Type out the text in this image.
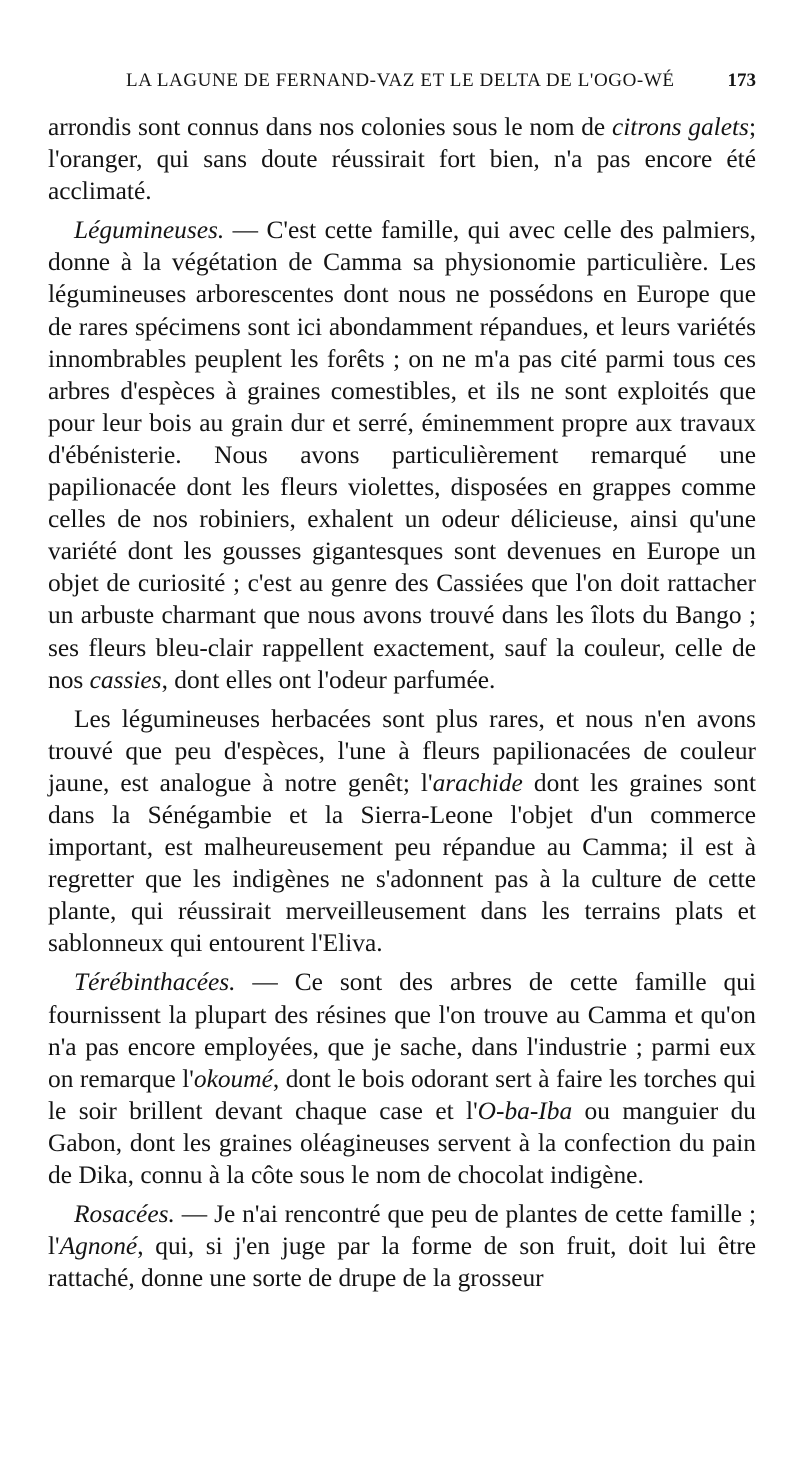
LA LAGUNE DE FERNAND-VAZ ET LE DELTA DE L'OGO-WÉ	173

arrondis sont connus dans nos colonies sous le nom de citrons galets; l'oranger, qui sans doute réussirait fort bien, n'a pas encore été acclimaté.

Légumineuses. — C'est cette famille, qui avec celle des palmiers, donne à la végétation de Camma sa physionomie particulière. Les légumineuses arborescentes dont nous ne possédons en Europe que de rares spécimens sont ici abondamment répandues, et leurs variétés innombrables peuplent les forêts ; on ne m'a pas cité parmi tous ces arbres d'espèces à graines comestibles, et ils ne sont exploités que pour leur bois au grain dur et serré, éminemment propre aux travaux d'ébénisterie. Nous avons particulièrement remarqué une papilionacée dont les fleurs violettes, disposées en grappes comme celles de nos robiniers, exhalent un odeur délicieuse, ainsi qu'une variété dont les gousses gigantesques sont devenues en Europe un objet de curiosité ; c'est au genre des Cassiées que l'on doit rattacher un arbuste charmant que nous avons trouvé dans les îlots du Bango ; ses fleurs bleu-clair rappellent exactement, sauf la couleur, celle de nos cassies, dont elles ont l'odeur parfumée.

Les légumineuses herbacées sont plus rares, et nous n'en avons trouvé que peu d'espèces, l'une à fleurs papilionacées de couleur jaune, est analogue à notre genêt; l'arachide dont les graines sont dans la Sénégambie et la Sierra-Leone l'objet d'un commerce important, est malheureusement peu répandue au Camma; il est à regretter que les indigènes ne s'adonnent pas à la culture de cette plante, qui réussirait merveilleusement dans les terrains plats et sablonneux qui entourent l'Eliva.

Térébinthacées. — Ce sont des arbres de cette famille qui fournissent la plupart des résines que l'on trouve au Camma et qu'on n'a pas encore employées, que je sache, dans l'industrie ; parmi eux on remarque l'okoumé, dont le bois odorant sert à faire les torches qui le soir brillent devant chaque case et l'O-ba-Iba ou manguier du Gabon, dont les graines oléagineuses servent à la confection du pain de Dika, connu à la côte sous le nom de chocolat indigène.

Rosacées. — Je n'ai rencontré que peu de plantes de cette famille ; l'Agnoné, qui, si j'en juge par la forme de son fruit, doit lui être rattaché, donne une sorte de drupe de la grosseur
